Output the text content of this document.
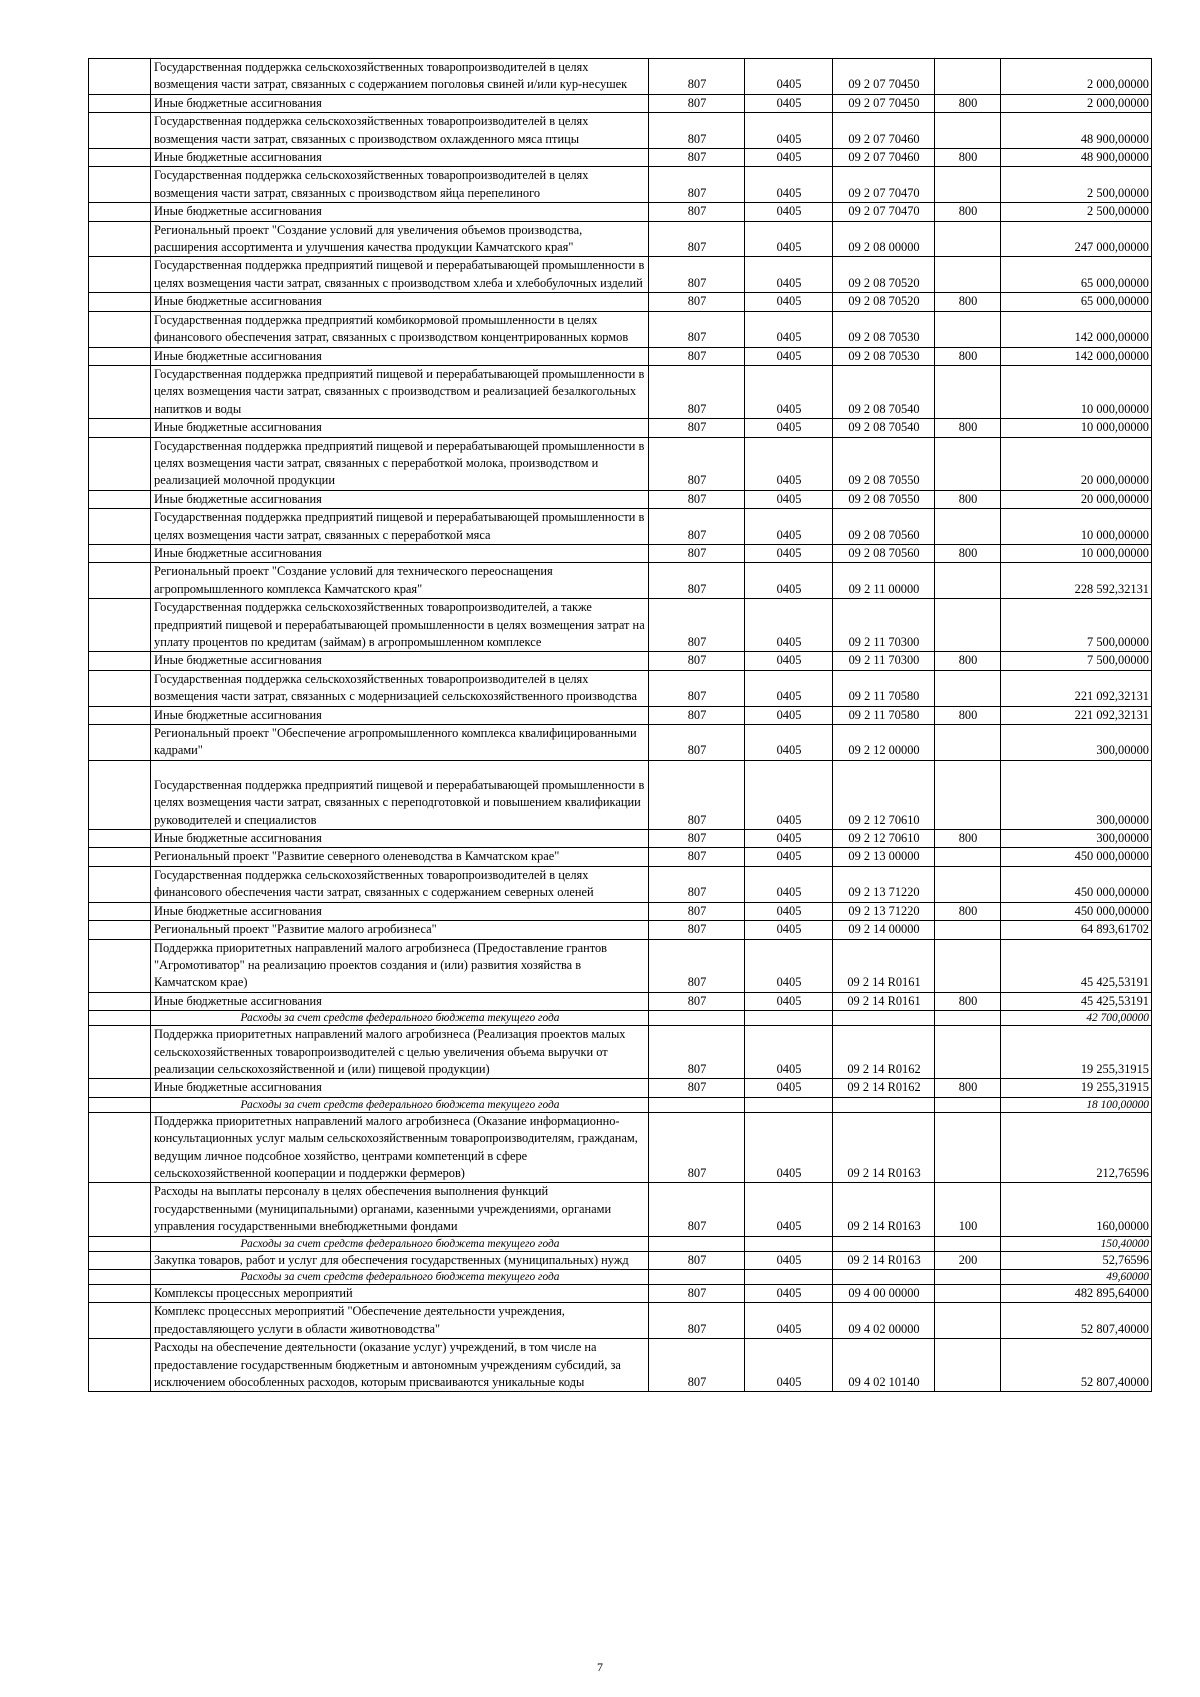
	Государственная поддержка сельскохозяйственных товаропроизводителей в целях возмещения части затрат, связанных с содержанием поголовья свиней и/или кур-несушек	807	0405	09 2 07 70450		2 000,00000
	Иные бюджетные ассигнования	807	0405	09 2 07 70450	800	2 000,00000
	Государственная поддержка сельскохозяйственных товаропроизводителей в целях возмещения части затрат, связанных с производством охлажденного мяса птицы	807	0405	09 2 07 70460		48 900,00000
	Иные бюджетные ассигнования	807	0405	09 2 07 70460	800	48 900,00000
	Государственная поддержка сельскохозяйственных товаропроизводителей в целях возмещения части затрат, связанных с производством яйца перепелиного	807	0405	09 2 07 70470		2 500,00000
	Иные бюджетные ассигнования	807	0405	09 2 07 70470	800	2 500,00000
	Региональный проект "Создание условий для увеличения объемов производства, расширения ассортимента и улучшения качества продукции Камчатского края"	807	0405	09 2 08 00000		247 000,00000
	Государственная поддержка предприятий пищевой и перерабатывающей промышленности в целях возмещения части затрат, связанных с производством хлеба и хлебобулочных изделий	807	0405	09 2 08 70520		65 000,00000
	Иные бюджетные ассигнования	807	0405	09 2 08 70520	800	65 000,00000
	Государственная поддержка предприятий комбикормовой промышленности в целях финансового обеспечения затрат, связанных с производством концентрированных кормов	807	0405	09 2 08 70530		142 000,00000
	Иные бюджетные ассигнования	807	0405	09 2 08 70530	800	142 000,00000
	Государственная поддержка предприятий пищевой и перерабатывающей промышленности в целях возмещения части затрат, связанных с производством и реализацией безалкогольных напитков и воды	807	0405	09 2 08 70540		10 000,00000
	Иные бюджетные ассигнования	807	0405	09 2 08 70540	800	10 000,00000
	Государственная поддержка предприятий пищевой и перерабатывающей промышленности в целях возмещения части затрат, связанных с переработкой молока, производством и реализацией молочной продукции	807	0405	09 2 08 70550		20 000,00000
	Иные бюджетные ассигнования	807	0405	09 2 08 70550	800	20 000,00000
	Государственная поддержка предприятий пищевой и перерабатывающей промышленности в целях возмещения части затрат, связанных с переработкой мяса	807	0405	09 2 08 70560		10 000,00000
	Иные бюджетные ассигнования	807	0405	09 2 08 70560	800	10 000,00000
	Региональный проект "Создание условий для технического переоснащения агропромышленного комплекса Камчатского края"	807	0405	09 2 11 00000		228 592,32131
	Государственная поддержка сельскохозяйственных товаропроизводителей, а также предприятий пищевой и перерабатывающей промышленности в целях возмещения затрат на уплату процентов по кредитам (займам) в агропромышленном комплексе	807	0405	09 2 11 70300		7 500,00000
	Иные бюджетные ассигнования	807	0405	09 2 11 70300	800	7 500,00000
	Государственная поддержка сельскохозяйственных товаропроизводителей в целях возмещения части затрат, связанных с модернизацией сельскохозяйственного производства	807	0405	09 2 11 70580		221 092,32131
	Иные бюджетные ассигнования	807	0405	09 2 11 70580	800	221 092,32131
	Региональный проект "Обеспечение агропромышленного комплекса квалифицированными кадрами"	807	0405	09 2 12 00000		300,00000
	Государственная поддержка предприятий пищевой и перерабатывающей промышленности в целях возмещения части затрат, связанных с переподготовкой и повышением квалификации руководителей и специалистов	807	0405	09 2 12 70610		300,00000
	Иные бюджетные ассигнования	807	0405	09 2 12 70610	800	300,00000
	Региональный проект "Развитие северного оленеводства в Камчатском крае"	807	0405	09 2 13 00000		450 000,00000
	Государственная поддержка сельскохозяйственных товаропроизводителей в целях финансового обеспечения части затрат, связанных с содержанием северных оленей	807	0405	09 2 13 71220		450 000,00000
	Иные бюджетные ассигнования	807	0405	09 2 13 71220	800	450 000,00000
	Региональный проект "Развитие малого агробизнеса"	807	0405	09 2 14 00000		64 893,61702
	Поддержка приоритетных направлений малого агробизнеса (Предоставление грантов "Агромотиватор" на реализацию проектов создания и (или) развития хозяйства в Камчатском крае)	807	0405	09 2 14 R0161		45 425,53191
	Иные бюджетные ассигнования	807	0405	09 2 14 R0161	800	45 425,53191
	Расходы за счет средств федерального бюджета текущего года					42 700,00000
	Поддержка приоритетных направлений малого агробизнеса (Реализация проектов малых сельскохозяйственных товаропроизводителей с целью увеличения объема выручки от реализации сельскохозяйственной и (или) пищевой продукции)	807	0405	09 2 14 R0162		19 255,31915
	Иные бюджетные ассигнования	807	0405	09 2 14 R0162	800	19 255,31915
	Расходы за счет средств федерального бюджета текущего года					18 100,00000
	Поддержка приоритетных направлений малого агробизнеса (Оказание информационно-консультационных услуг малым сельскохозяйственным товаропроизводителям, гражданам, ведущим личное подсобное хозяйство, центрами компетенций в сфере сельскохозяйственной кооперации и поддержки фермеров)	807	0405	09 2 14 R0163		212,76596
	Расходы на выплаты персоналу в целях обеспечения выполнения функций государственными (муниципальными) органами, казенными учреждениями, органами управления государственными внебюджетными фондами	807	0405	09 2 14 R0163	100	160,00000
	Расходы за счет средств федерального бюджета текущего года					150,40000
	Закупка товаров, работ и услуг для обеспечения государственных (муниципальных) нужд	807	0405	09 2 14 R0163	200	52,76596
	Расходы за счет средств федерального бюджета текущего года					49,60000
	Комплексы процессных мероприятий	807	0405	09 4 00 00000		482 895,64000
	Комплекс процессных мероприятий "Обеспечение деятельности учреждения, предоставляющего услуги в области животноводства"	807	0405	09 4 02 00000		52 807,40000
	Расходы на обеспечение деятельности (оказание услуг) учреждений, в том числе на предоставление государственным бюджетным и автономным учреждениям субсидий, за исключением обособленных расходов, которым присваиваются уникальные коды	807	0405	09 4 02 10140		52 807,40000
7
